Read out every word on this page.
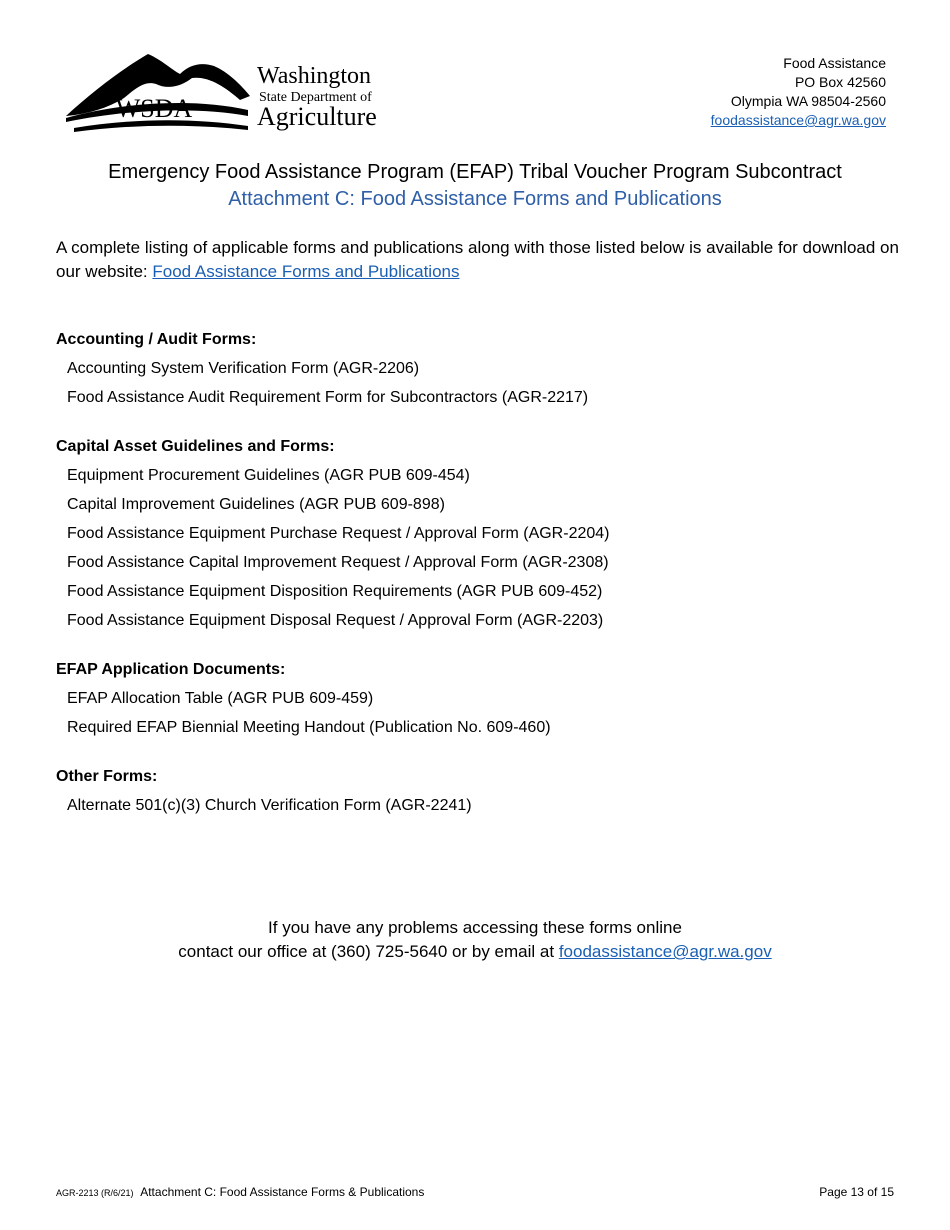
WSDA
Washington
State Department of
Agriculture
Food Assistance
PO Box 42560
Olympia WA 98504-2560
foodassistance@agr.wa.gov
Emergency Food Assistance Program (EFAP) Tribal Voucher Program Subcontract
Attachment C: Food Assistance Forms and Publications
A complete listing of applicable forms and publications along with those listed below is available for download on our website: Food Assistance Forms and Publications
Accounting / Audit Forms:
Accounting System Verification Form (AGR-2206)
Food Assistance Audit Requirement Form for Subcontractors (AGR-2217)
Capital Asset Guidelines and Forms:
Equipment Procurement Guidelines (AGR PUB 609-454)
Capital Improvement Guidelines (AGR PUB 609-898)
Food Assistance Equipment Purchase Request / Approval Form (AGR-2204)
Food Assistance Capital Improvement Request / Approval Form (AGR-2308)
Food Assistance Equipment Disposition Requirements (AGR PUB 609-452)
Food Assistance Equipment Disposal Request / Approval Form (AGR-2203)
EFAP Application Documents:
EFAP Allocation Table (AGR PUB 609-459)
Required EFAP Biennial Meeting Handout (Publication No. 609-460)
Other Forms:
Alternate 501(c)(3) Church Verification Form (AGR-2241)
If you have any problems accessing these forms online
contact our office at (360) 725-5640 or by email at foodassistance@agr.wa.gov
AGR-2213 (R/6/21) Attachment C: Food Assistance Forms & Publications	Page 13 of 15
